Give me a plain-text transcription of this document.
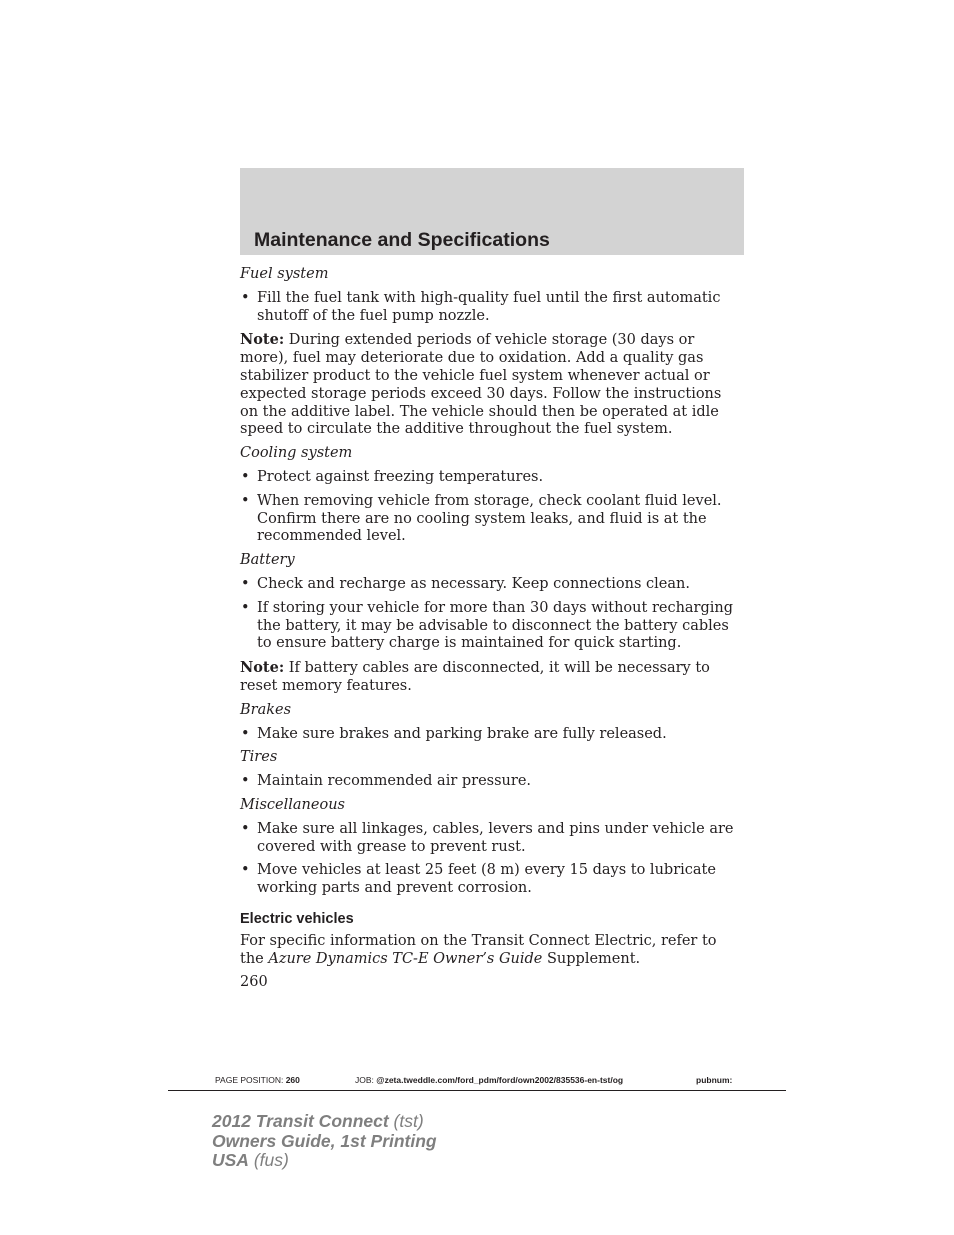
Maintenance and Specifications

Fuel system

• Fill the fuel tank with high-quality fuel until the first automatic shutoff of the fuel pump nozzle.

Note: During extended periods of vehicle storage (30 days or more), fuel may deteriorate due to oxidation. Add a quality gas stabilizer product to the vehicle fuel system whenever actual or expected storage periods exceed 30 days. Follow the instructions on the additive label. The vehicle should then be operated at idle speed to circulate the additive throughout the fuel system.

Cooling system

• Protect against freezing temperatures.
• When removing vehicle from storage, check coolant fluid level. Confirm there are no cooling system leaks, and fluid is at the recommended level.

Battery

• Check and recharge as necessary. Keep connections clean.
• If storing your vehicle for more than 30 days without recharging the battery, it may be advisable to disconnect the battery cables to ensure battery charge is maintained for quick starting.

Note: If battery cables are disconnected, it will be necessary to reset memory features.

Brakes

• Make sure brakes and parking brake are fully released.

Tires

• Maintain recommended air pressure.

Miscellaneous

• Make sure all linkages, cables, levers and pins under vehicle are covered with grease to prevent rust.
• Move vehicles at least 25 feet (8 m) every 15 days to lubricate working parts and prevent corrosion.
Electric vehicles

For specific information on the Transit Connect Electric, refer to the Azure Dynamics TC-E Owner’s Guide Supplement.

260

PAGE POSITION: 260	JOB: @zeta.tweddle.com/ford_pdm/ford/own2002/835536-en-tst/og	pubnum:
2012 Transit Connect (tst)
Owners Guide, 1st Printing
USA (fus)
